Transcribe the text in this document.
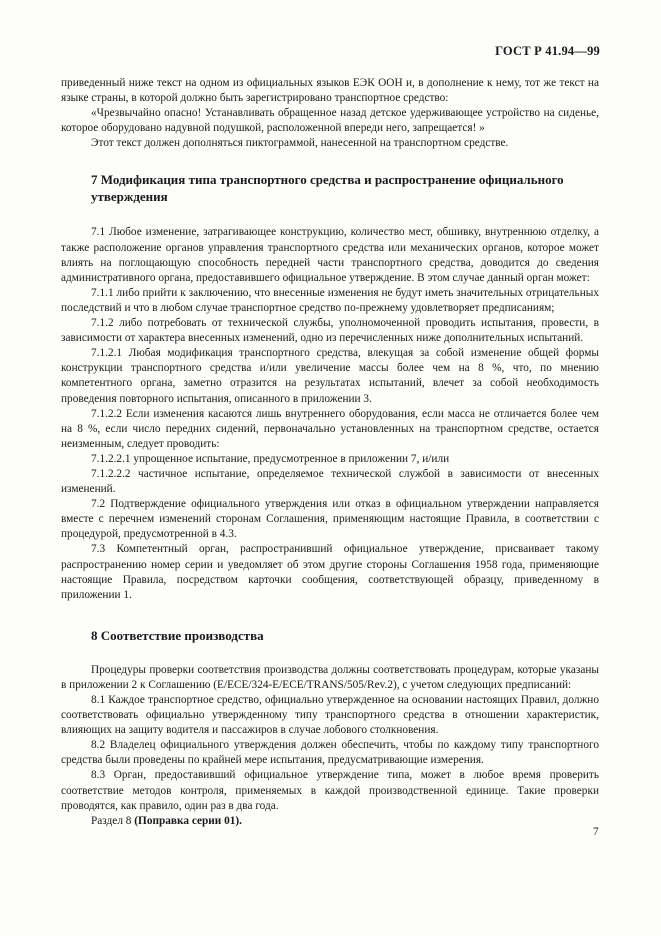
ГОСТ Р 41.94—99

приведенный ниже текст на одном из официальных языков ЕЭК ООН и, в дополнение к нему, тот же текст на языке страны, в которой должно быть зарегистрировано транспортное средство:

«Чрезвычайно опасно! Устанавливать обращенное назад детское удерживающее устройство на сиденье, которое оборудовано надувной подушкой, расположенной впереди него, запрещается! »

Этот текст должен дополняться пиктограммой, нанесенной на транспортном средстве.

7 Модификация типа транспортного средства и распространение официального утверждения

7.1 Любое изменение, затрагивающее конструкцию, количество мест, обшивку, внутреннюю отделку, а также расположение органов управления транспортного средства или механических органов, которое может влиять на поглощающую способность передней части транспортного средства, доводится до сведения административного органа, предоставившего официальное утверждение. В этом случае данный орган может:

7.1.1 либо прийти к заключению, что внесенные изменения не будут иметь значительных отрицательных последствий и что в любом случае транспортное средство по-прежнему удовлетворяет предписаниям;

7.1.2 либо потребовать от технической службы, уполномоченной проводить испытания, провести, в зависимости от характера внесенных изменений, одно из перечисленных ниже дополнительных испытаний.

7.1.2.1 Любая модификация транспортного средства, влекущая за собой изменение общей формы конструкции транспортного средства и/или увеличение массы более чем на 8 %, что, по мнению компетентного органа, заметно отразится на результатах испытаний, влечет за собой необходимость проведения повторного испытания, описанного в приложении 3.

7.1.2.2 Если изменения касаются лишь внутреннего оборудования, если масса не отличается более чем на 8 %, если число передних сидений, первоначально установленных на транспортном средстве, остается неизменным, следует проводить:

7.1.2.2.1 упрощенное испытание, предусмотренное в приложении 7, и/или

7.1.2.2.2 частичное испытание, определяемое технической службой в зависимости от внесенных изменений.

7.2 Подтверждение официального утверждения или отказ в официальном утверждении направляется вместе с перечнем изменений сторонам Соглашения, применяющим настоящие Правила, в соответствии с процедурой, предусмотренной в 4.3.

7.3 Компетентный орган, распространивший официальное утверждение, присваивает такому распространению номер серии и уведомляет об этом другие стороны Соглашения 1958 года, применяющие настоящие Правила, посредством карточки сообщения, соответствующей образцу, приведенному в приложении 1.

8 Соответствие производства

Процедуры проверки соответствия производства должны соответствовать процедурам, которые указаны в приложении 2 к Соглашению (E/ECE/324-E/ECE/TRANS/505/Rev.2), с учетом следующих предписаний:

8.1 Каждое транспортное средство, официально утвержденное на основании настоящих Правил, должно соответствовать официально утвержденному типу транспортного средства в отношении характеристик, влияющих на защиту водителя и пассажиров в случае лобового столкновения.

8.2 Владелец официального утверждения должен обеспечить, чтобы по каждому типу транспортного средства были проведены по крайней мере испытания, предусматривающие измерения.

8.3 Орган, предоставивший официальное утверждение типа, может в любое время проверить соответствие методов контроля, применяемых в каждой производственной единице. Такие проверки проводятся, как правило, один раз в два года.

Раздел 8 (Поправка серии 01).

7
